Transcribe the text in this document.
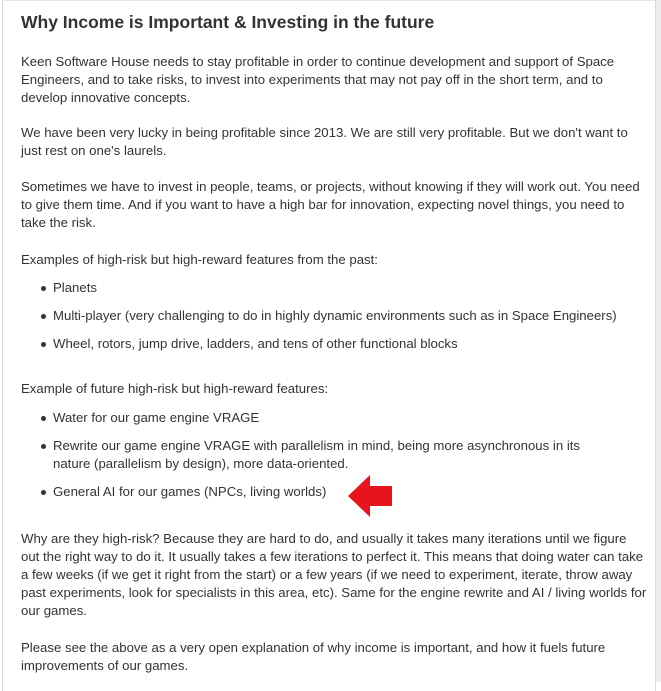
Why Income is Important & Investing in the future

Keen Software House needs to stay profitable in order to continue development and support of Space Engineers, and to take risks, to invest into experiments that may not pay off in the short term, and to develop innovative concepts.

We have been very lucky in being profitable since 2013. We are still very profitable. But we don't want to just rest on one's laurels.

Sometimes we have to invest in people, teams, or projects, without knowing if they will work out. You need to give them time. And if you want to have a high bar for innovation, expecting novel things, you need to take the risk.

Examples of high-risk but high-reward features from the past:

Planets
Multi-player (very challenging to do in highly dynamic environments such as in Space Engineers)
Wheel, rotors, jump drive, ladders, and tens of other functional blocks

Example of future high-risk but high-reward features:

Water for our game engine VRAGE
Rewrite our game engine VRAGE with parallelism in mind, being more asynchronous in its nature (parallelism by design), more data-oriented.
General AI for our games (NPCs, living worlds)

Why are they high-risk? Because they are hard to do, and usually it takes many iterations until we figure out the right way to do it. It usually takes a few iterations to perfect it. This means that doing water can take a few weeks (if we get it right from the start) or a few years (if we need to experiment, iterate, throw away past experiments, look for specialists in this area, etc). Same for the engine rewrite and AI / living worlds for our games.

Please see the above as a very open explanation of why income is important, and how it fuels future improvements of our games.
